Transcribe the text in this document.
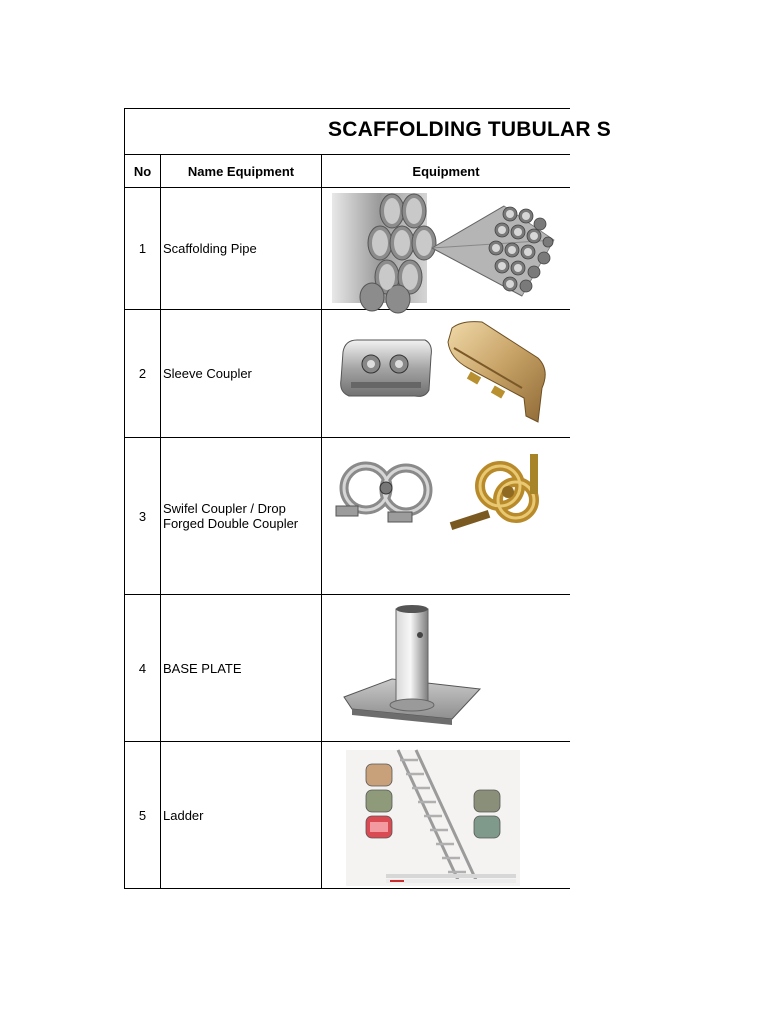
SCAFFOLDING TUBULAR S
No	Name Equipment	Equipment
1	Scaffolding Pipe
2	Sleeve Coupler
3	Swifel Coupler / Drop Forged Double Coupler
4	BASE PLATE
5	Ladder
